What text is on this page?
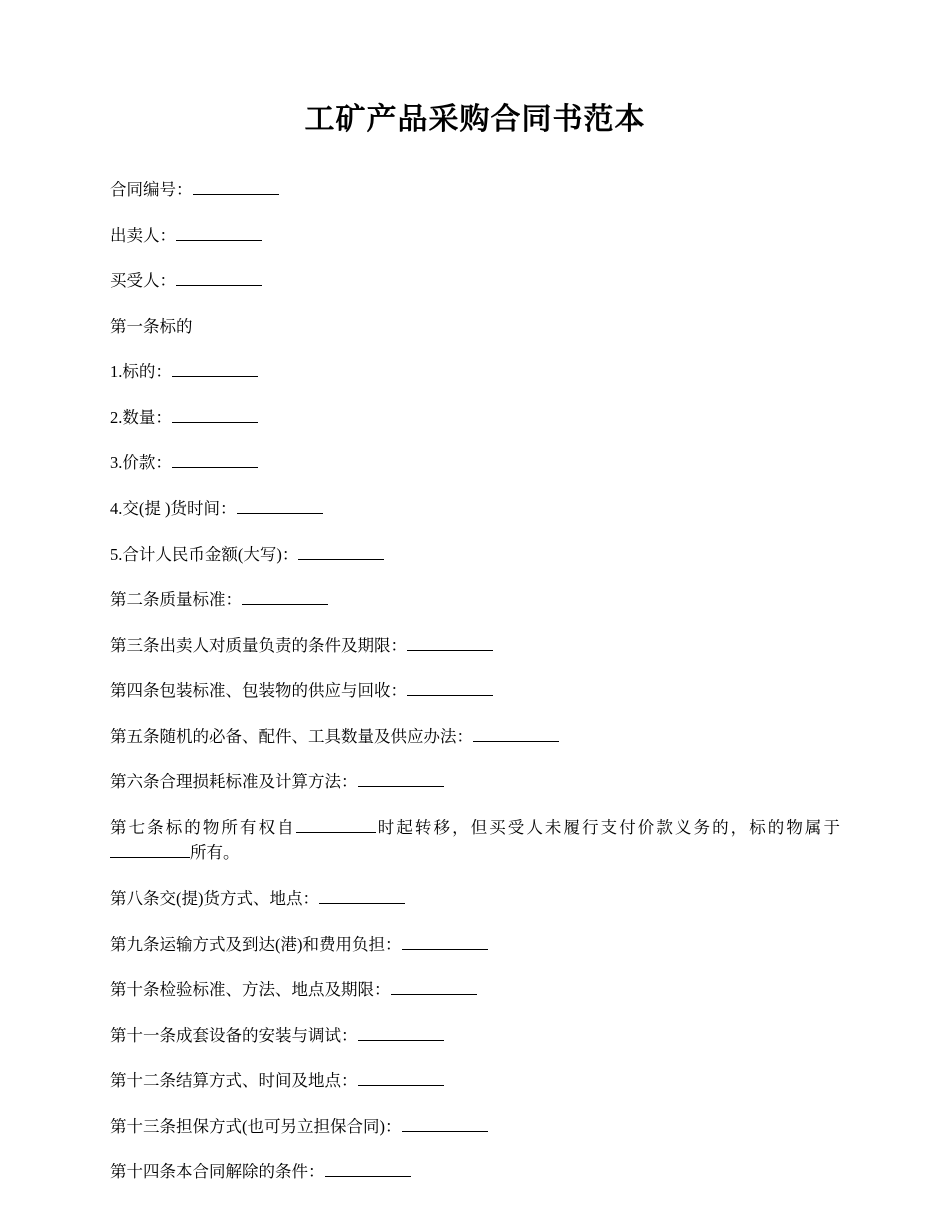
工矿产品采购合同书范本

合同编号：

出卖人：

买受人：

第一条标的

1.标的：

2.数量：

3.价款：

4.交(提 )货时间：

5.合计人民币金额(大写)：

第二条质量标准：

第三条出卖人对质量负责的条件及期限：

第四条包装标准、包装物的供应与回收：

第五条随机的必备、配件、工具数量及供应办法：

第六条合理损耗标准及计算方法：

第七条标的物所有权自	时起转移，但买受人未履行支付价款义务的，标的物属于所有。

第八条交(提)货方式、地点：

第九条运输方式及到达(港)和费用负担：

第十条检验标准、方法、地点及期限：

第十一条成套设备的安装与调试：

第十二条结算方式、时间及地点：

第十三条担保方式(也可另立担保合同)：

第十四条本合同解除的条件：
